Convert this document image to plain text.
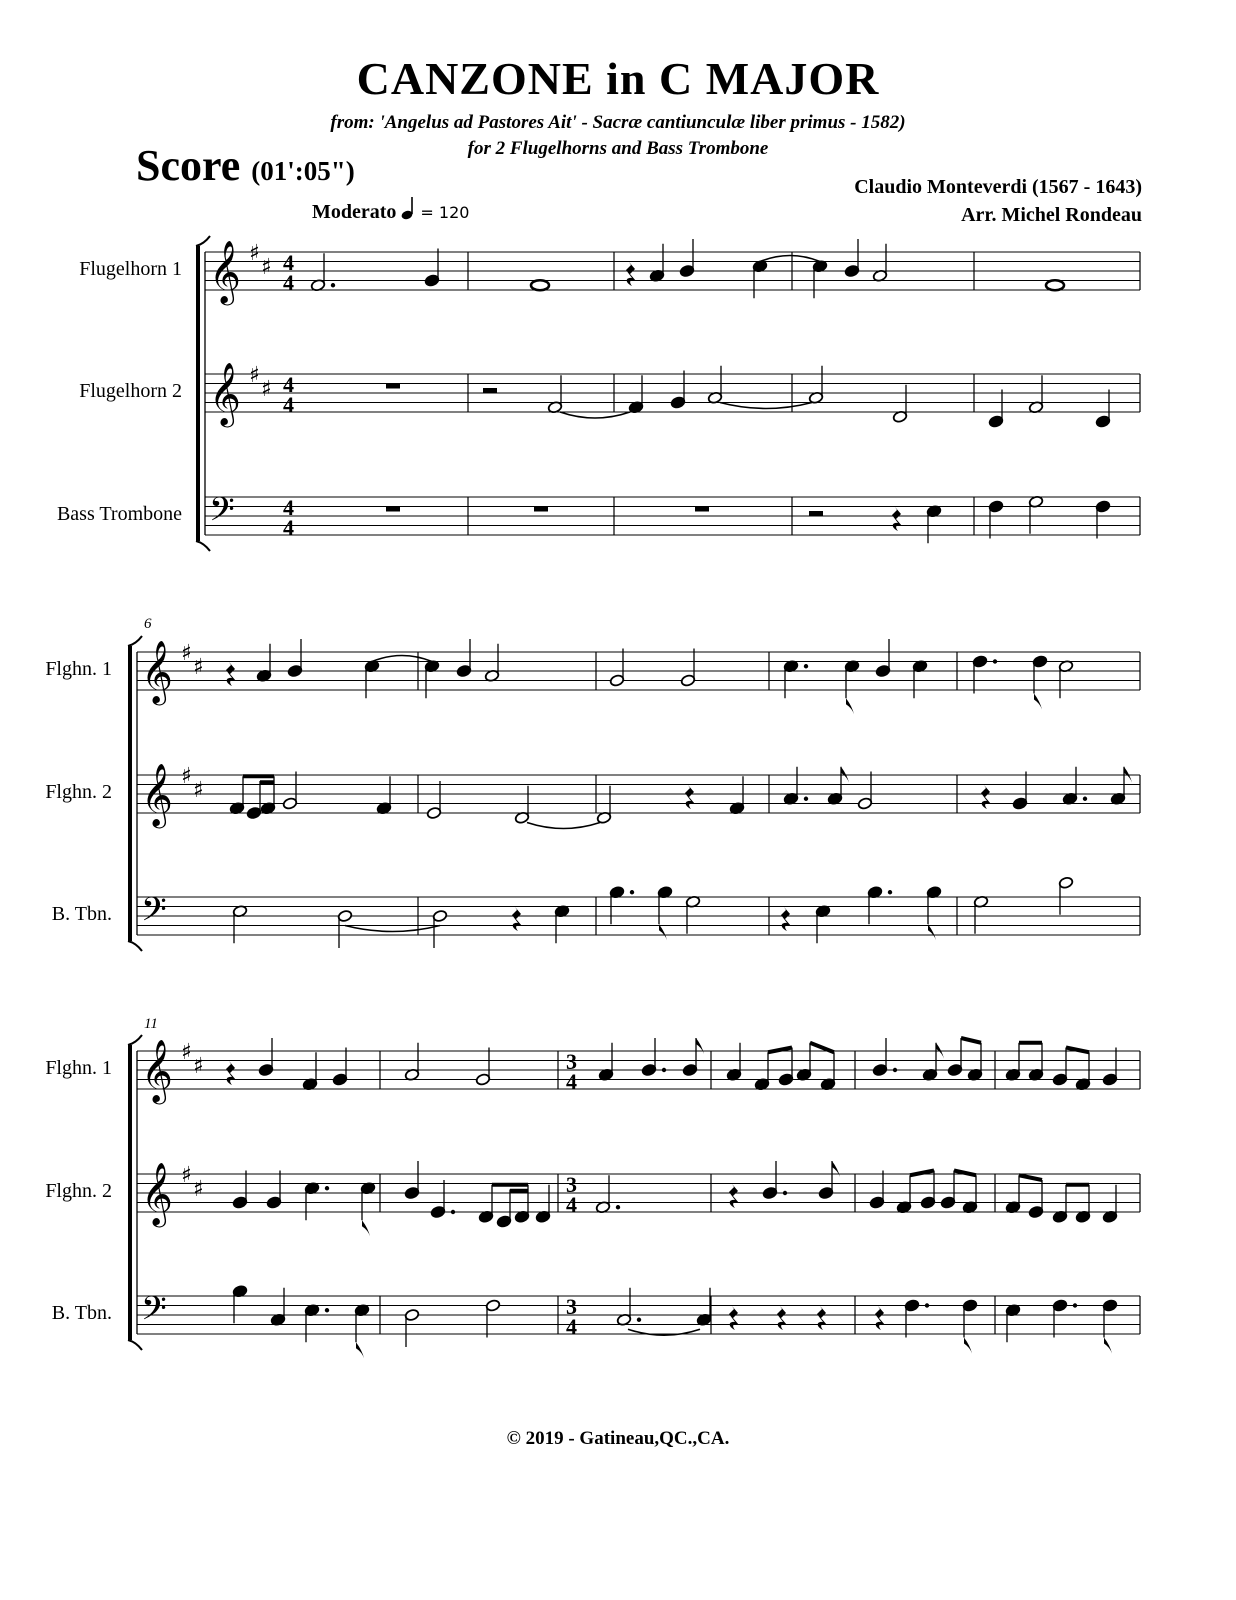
CANZONE in C MAJOR
from: 'Angelus ad Pastores Ait' - Sacræ cantiunculæ liber primus - 1582)
for 2 Flugelhorns and Bass Trombone
Score (01':05")
Claudio Monteverdi (1567 - 1643)
Arr. Michel Rondeau
Moderato = 120
Flugelhorn 1
Flugelhorn 2
Bass Trombone
Flghn. 1
Flghn. 2
B. Tbn.
Flghn. 1
Flghn. 2
B. Tbn.
6
11
© 2019 - Gatineau,QC.,CA.
𝄞
𝄞
𝄢
♯
♯
♯
♯
4
4
4
4
4
4
𝄞
𝄞
𝄢
♯
♯
♯
♯
𝄞
𝄞
𝄢
♯
♯
♯
♯
3
4
3
4
3
4
